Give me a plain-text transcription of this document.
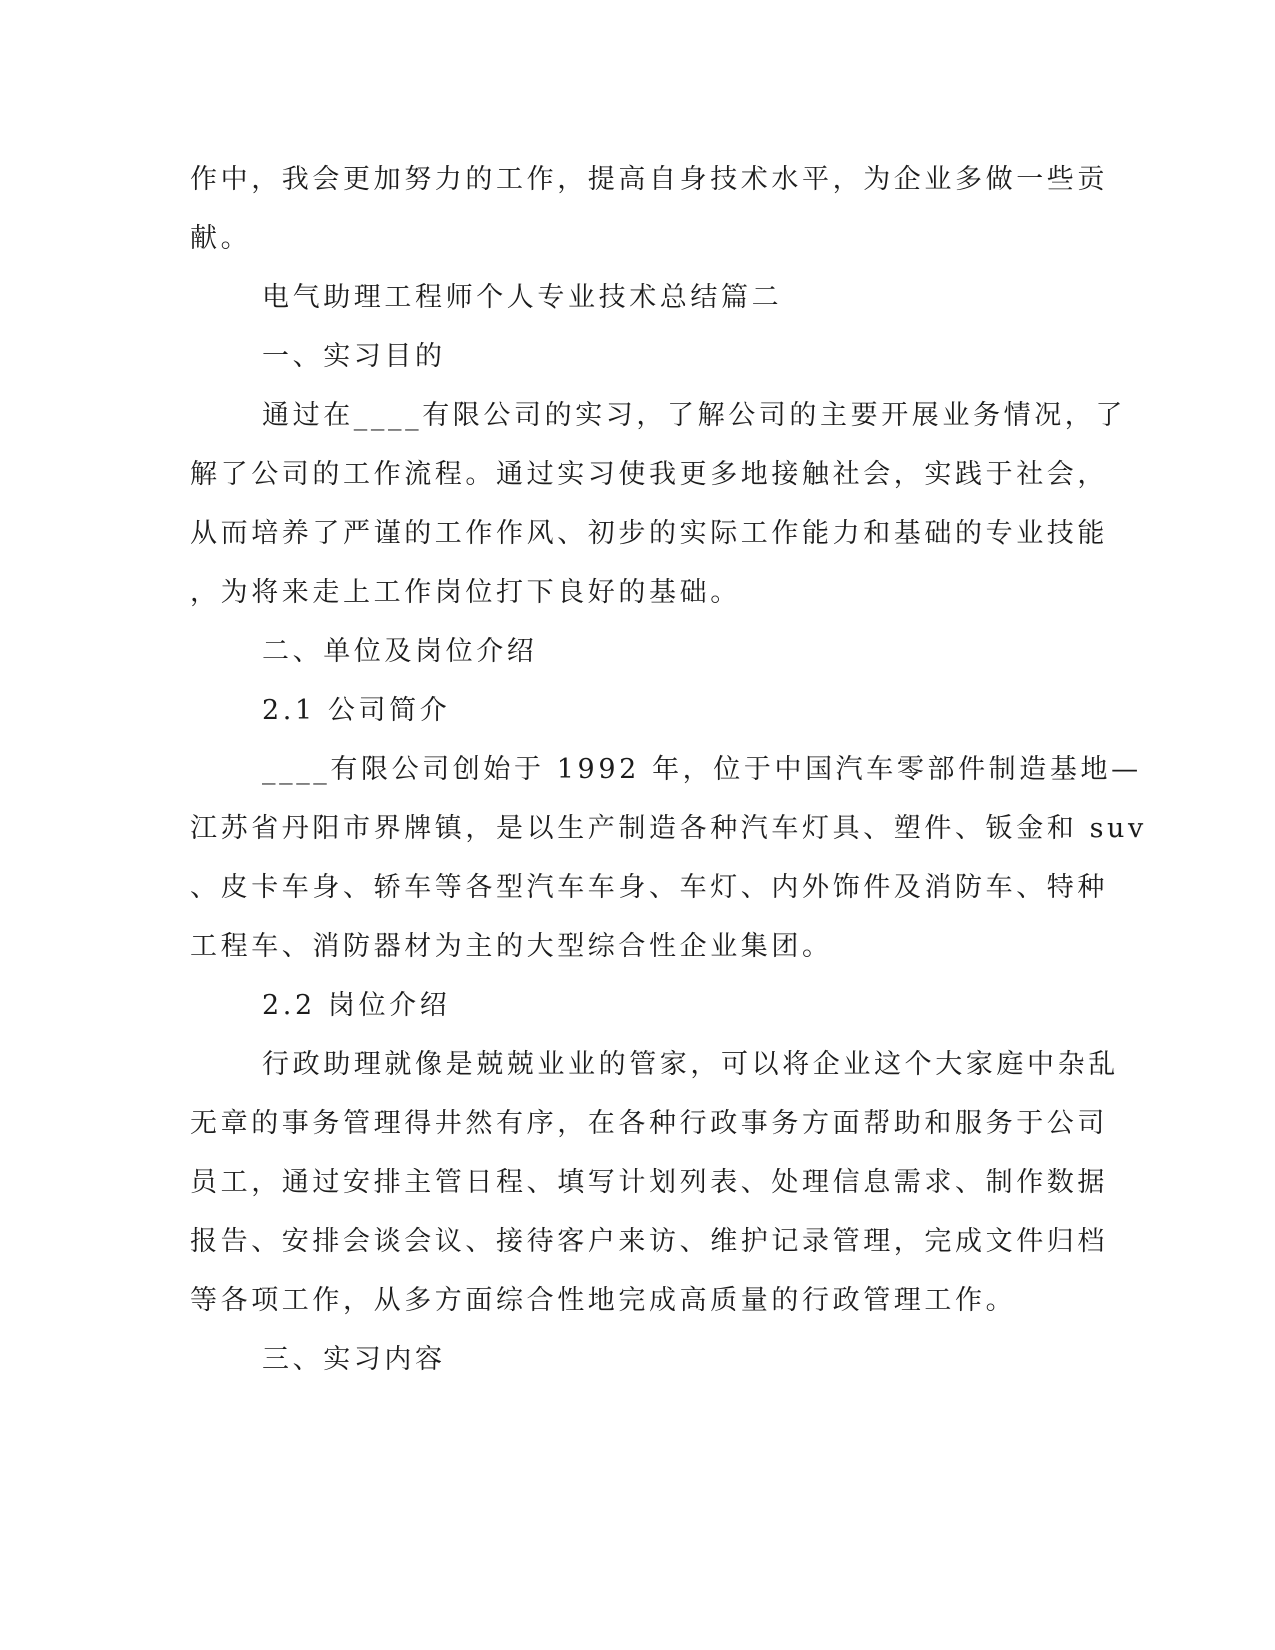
作中，我会更加努力的工作，提高自身技术水平，为企业多做一些贡

献。

电气助理工程师个人专业技术总结篇二

一、实习目的

通过在____有限公司的实习，了解公司的主要开展业务情况，了

解了公司的工作流程。通过实习使我更多地接触社会，实践于社会，

从而培养了严谨的工作作风、初步的实际工作能力和基础的专业技能

，为将来走上工作岗位打下良好的基础。

二、单位及岗位介绍

2.1 公司简介

____有限公司创始于 1992 年，位于中国汽车零部件制造基地—

江苏省丹阳市界牌镇，是以生产制造各种汽车灯具、塑件、钣金和 suv

、皮卡车身、轿车等各型汽车车身、车灯、内外饰件及消防车、特种

工程车、消防器材为主的大型综合性企业集团。

2.2 岗位介绍

行政助理就像是兢兢业业的管家，可以将企业这个大家庭中杂乱

无章的事务管理得井然有序，在各种行政事务方面帮助和服务于公司

员工，通过安排主管日程、填写计划列表、处理信息需求、制作数据

报告、安排会谈会议、接待客户来访、维护记录管理，完成文件归档

等各项工作，从多方面综合性地完成高质量的行政管理工作。

三、实习内容
